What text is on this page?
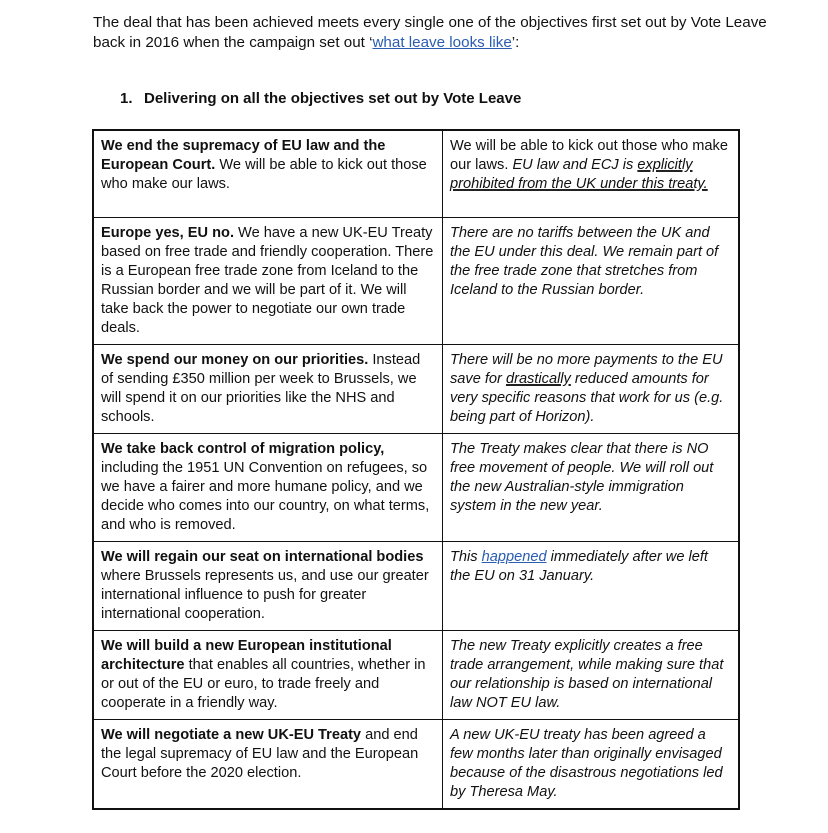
The deal that has been achieved meets every single one of the objectives first set out by Vote Leave back in 2016 when the campaign set out ‘what leave looks like’:

1. Delivering on all the objectives set out by Vote Leave

We end the supremacy of EU law and the European Court. We will be able to kick out those who make our laws.	We will be able to kick out those who make our laws. EU law and ECJ is explicitly prohibited from the UK under this treaty.
Europe yes, EU no. We have a new UK-EU Treaty based on free trade and friendly cooperation. There is a European free trade zone from Iceland to the Russian border and we will be part of it. We will take back the power to negotiate our own trade deals.	There are no tariffs between the UK and the EU under this deal. We remain part of the free trade zone that stretches from Iceland to the Russian border.
We spend our money on our priorities. Instead of sending £350 million per week to Brussels, we will spend it on our priorities like the NHS and schools.	There will be no more payments to the EU save for drastically reduced amounts for very specific reasons that work for us (e.g. being part of Horizon).
We take back control of migration policy, including the 1951 UN Convention on refugees, so we have a fairer and more humane policy, and we decide who comes into our country, on what terms, and who is removed.	The Treaty makes clear that there is NO free movement of people. We will roll out the new Australian-style immigration system in the new year.
We will regain our seat on international bodies where Brussels represents us, and use our greater international influence to push for greater international cooperation.	This happened immediately after we left the EU on 31 January.
We will build a new European institutional architecture that enables all countries, whether in or out of the EU or euro, to trade freely and cooperate in a friendly way.	The new Treaty explicitly creates a free trade arrangement, while making sure that our relationship is based on international law NOT EU law.
We will negotiate a new UK-EU Treaty and end the legal supremacy of EU law and the European Court before the 2020 election.	A new UK-EU treaty has been agreed a few months later than originally envisaged because of the disastrous negotiations led by Theresa May.
